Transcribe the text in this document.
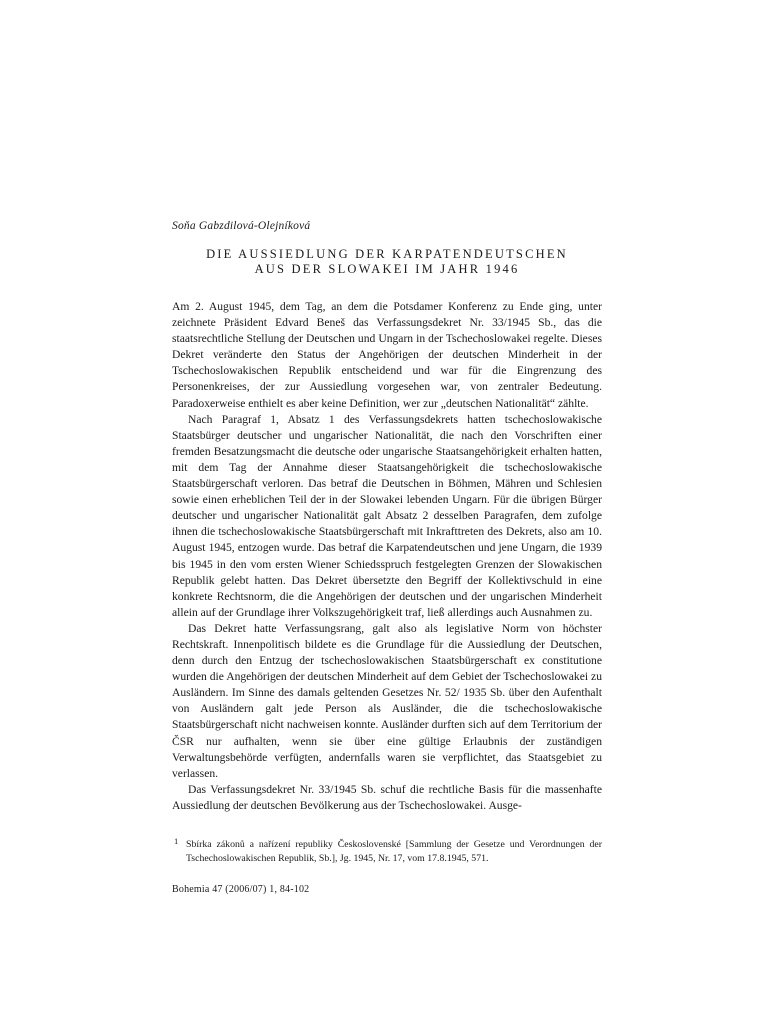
Soňa Gabzdilová-Olejníková
DIE AUSSIEDLUNG DER KARPATENDEUTSCHEN
AUS DER SLOWAKEI IM JAHR 1946

Am 2. August 1945, dem Tag, an dem die Potsdamer Konferenz zu Ende ging, unter zeichnete Präsident Edvard Beneš das Verfassungsdekret Nr. 33/1945 Sb., das die staatsrechtliche Stellung der Deutschen und Ungarn in der Tschechoslowakei regelte. Dieses Dekret veränderte den Status der Angehörigen der deutschen Minderheit in der Tschechoslowakischen Republik entscheidend und war für die Eingrenzung des Personenkreises, der zur Aussiedlung vorgesehen war, von zentraler Bedeutung. Paradoxerweise enthielt es aber keine Definition, wer zur „deutschen Nationalität“ zählte.

Nach Paragraf 1, Absatz 1 des Verfassungsdekrets hatten tschechoslowakische Staatsbürger deutscher und ungarischer Nationalität, die nach den Vorschriften einer fremden Besatzungsmacht die deutsche oder ungarische Staatsangehörigkeit erhalten hatten, mit dem Tag der Annahme dieser Staatsangehörigkeit die tschechoslowakische Staatsbürgerschaft verloren. Das betraf die Deutschen in Böhmen, Mähren und Schlesien sowie einen erheblichen Teil der in der Slowakei lebenden Ungarn. Für die übrigen Bürger deutscher und ungarischer Nationalität galt Absatz 2 desselben Paragrafen, dem zufolge ihnen die tschechoslowakische Staatsbürgerschaft mit Inkrafttreten des Dekrets, also am 10. August 1945, entzogen wurde. Das betraf die Karpatendeutschen und jene Ungarn, die 1939 bis 1945 in den vom ersten Wiener Schiedsspruch festgelegten Grenzen der Slowakischen Republik gelebt hatten. Das Dekret übersetzte den Begriff der Kollektivschuld in eine konkrete Rechtsnorm, die die Angehörigen der deutschen und der ungarischen Minderheit allein auf der Grundlage ihrer Volkszugehörigkeit traf, ließ allerdings auch Ausnahmen zu.

Das Dekret hatte Verfassungsrang, galt also als legislative Norm von höchster Rechtskraft. Innenpolitisch bildete es die Grundlage für die Aussiedlung der Deutschen, denn durch den Entzug der tschechoslowakischen Staatsbürgerschaft ex constitutione wurden die Angehörigen der deutschen Minderheit auf dem Gebiet der Tschechoslowakei zu Ausländern. Im Sinne des damals geltenden Gesetzes Nr. 52/ 1935 Sb. über den Aufenthalt von Ausländern galt jede Person als Ausländer, die die tschechoslowakische Staatsbürgerschaft nicht nachweisen konnte. Ausländer durften sich auf dem Territorium der ČSR nur aufhalten, wenn sie über eine gültige Erlaubnis der zuständigen Verwaltungsbehörde verfügten, andernfalls waren sie verpflichtet, das Staatsgebiet zu verlassen.

Das Verfassungsdekret Nr. 33/1945 Sb. schuf die rechtliche Basis für die massenhafte Aussiedlung der deutschen Bevölkerung aus der Tschechoslowakei. Ausge-

1 Sbírka zákonů a nařízení republiky Československé [Sammlung der Gesetze und Verordnungen der Tschechoslowakischen Republik, Sb.], Jg. 1945, Nr. 17, vom 17.8.1945, 571.
Bohemia 47 (2006/07) 1, 84-102
